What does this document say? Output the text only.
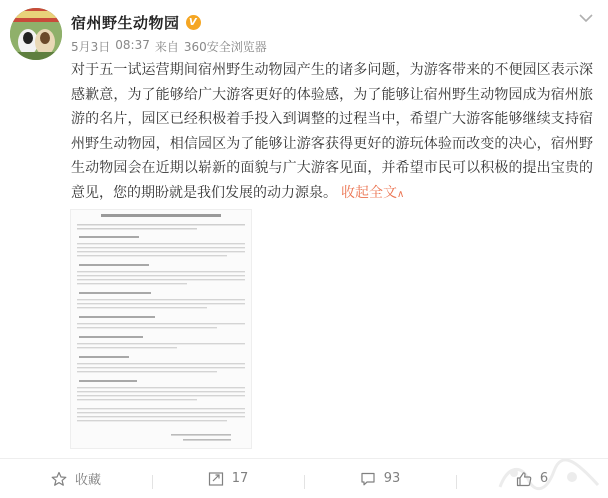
宿州野生动物园 V
5月3日 08:37 来自 360安全浏览器

对于五一试运营期间宿州野生动物园产生的诸多问题，为游客带来的不便园区表示深感歉意，为了能够给广大游客更好的体验感，为了能够让宿州野生动物园成为宿州旅游的名片，园区已经积极着手投入到调整的过程当中，希望广大游客能够继续支持宿州野生动物园，相信园区为了能够让游客获得更好的游玩体验而改变的决心，宿州野生动物园会在近期以崭新的面貌与广大游客见面，并希望市民可以积极的提出宝贵的意见，您的期盼就是我们发展的动力源泉。 收起全文∧

收藏	17	93	6
